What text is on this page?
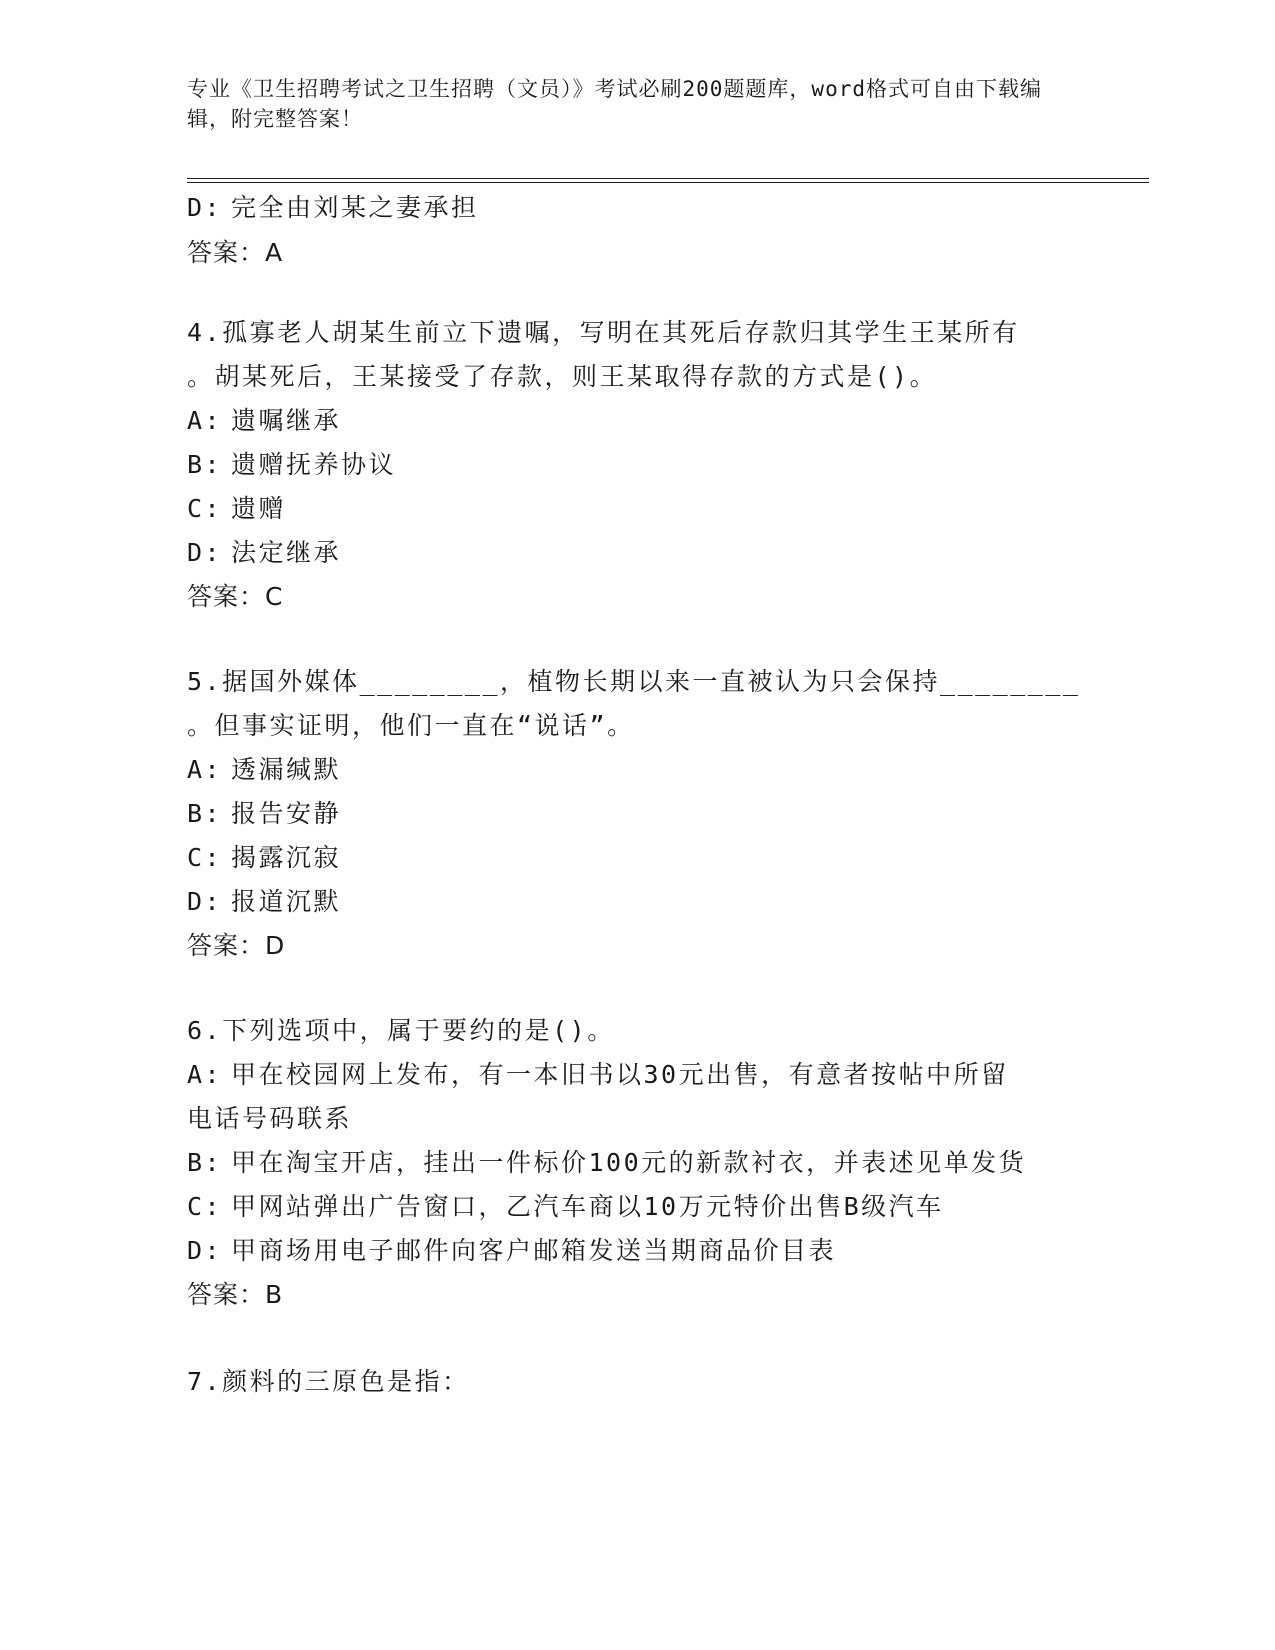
专业《卫生招聘考试之卫生招聘（文员）》考试必刷200题题库，word格式可自由下载编辑，附完整答案！
D: 完全由刘某之妻承担
答案：A
4.孤寡老人胡某生前立下遗嘱，写明在其死后存款归其学生王某所有
。胡某死后，王某接受了存款，则王某取得存款的方式是()。
A: 遗嘱继承
B: 遗赠抚养协议
C: 遗赠
D: 法定继承
答案：C
5.据国外媒体________，植物长期以来一直被认为只会保持________
。但事实证明，他们一直在“说话”。
A: 透漏缄默
B: 报告安静
C: 揭露沉寂
D: 报道沉默
答案：D
6.下列选项中，属于要约的是()。
A: 甲在校园网上发布，有一本旧书以30元出售，有意者按帖中所留
电话号码联系
B: 甲在淘宝开店，挂出一件标价100元的新款衬衣，并表述见单发货
C: 甲网站弹出广告窗口，乙汽车商以10万元特价出售B级汽车
D: 甲商场用电子邮件向客户邮箱发送当期商品价目表
答案：B
7.颜料的三原色是指：
